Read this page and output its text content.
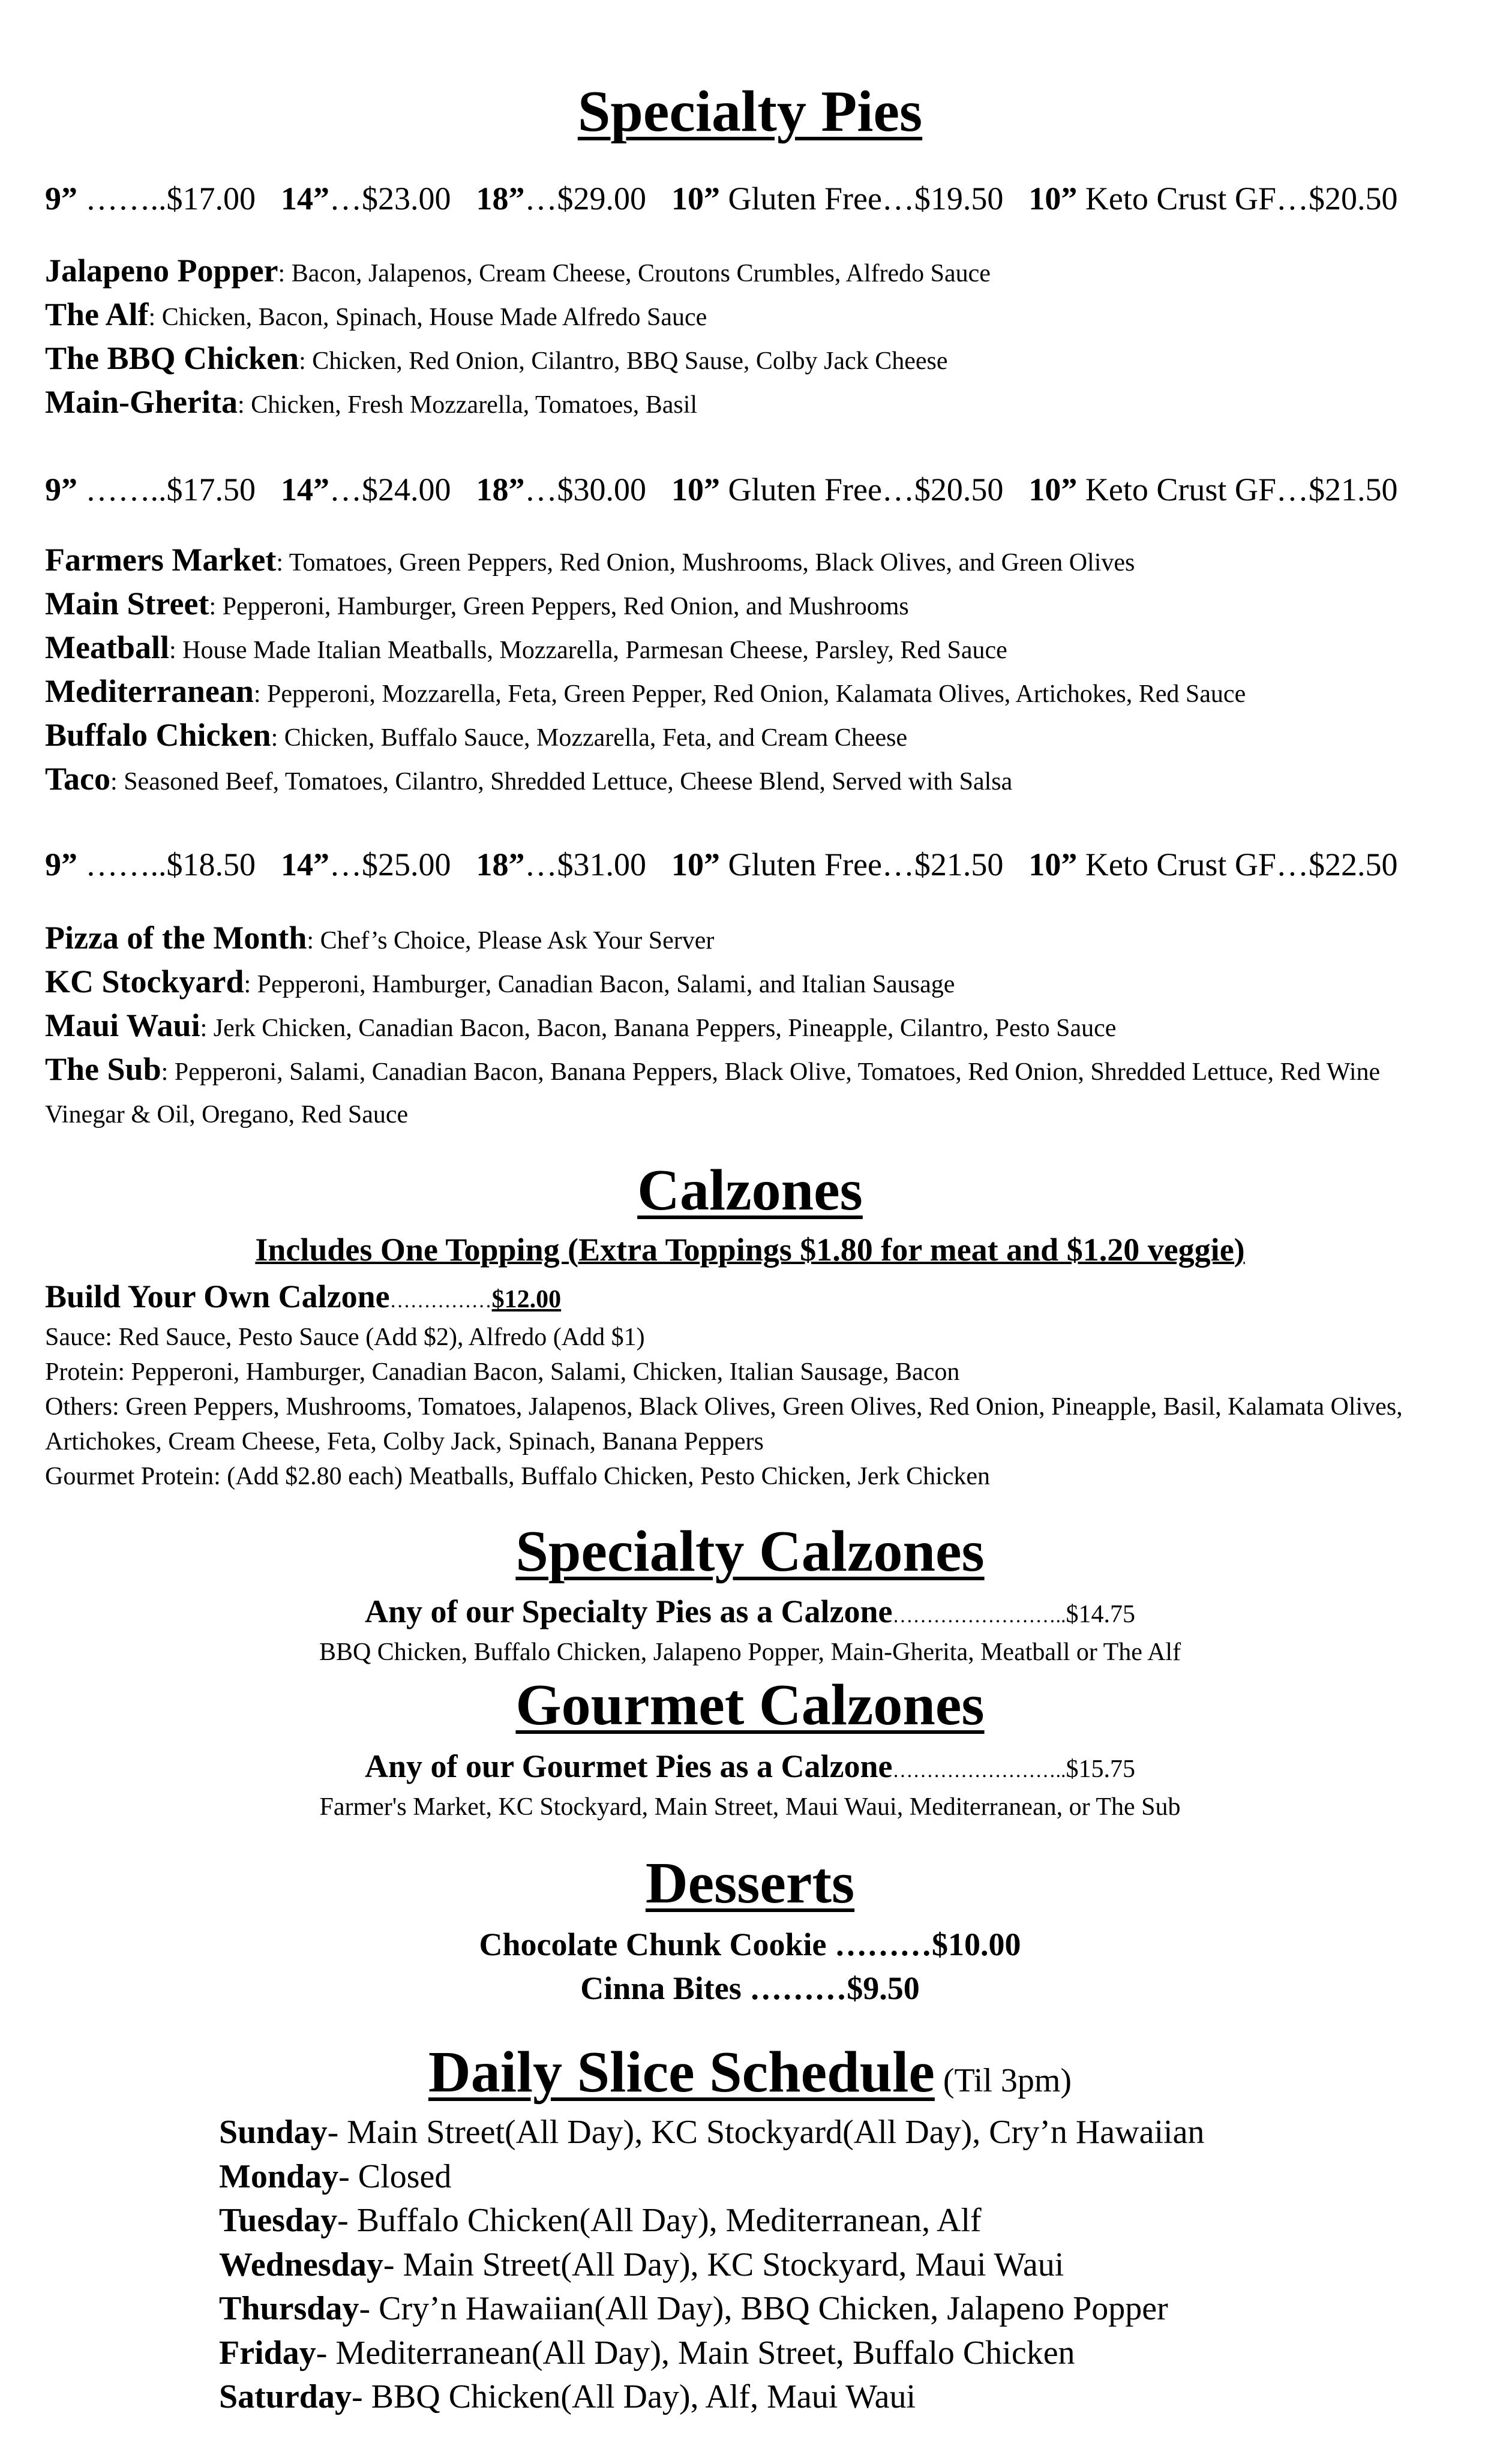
Specialty Pies
9” ……..$17.00 14”…$23.00 18”…$29.00 10” Gluten Free…$19.50 10” Keto Crust GF…$20.50
Jalapeno Popper: Bacon, Jalapenos, Cream Cheese, Croutons Crumbles, Alfredo Sauce
The Alf: Chicken, Bacon, Spinach, House Made Alfredo Sauce
The BBQ Chicken: Chicken, Red Onion, Cilantro, BBQ Sause, Colby Jack Cheese
Main-Gherita: Chicken, Fresh Mozzarella, Tomatoes, Basil
9” ……..$17.50 14”…$24.00 18”…$30.00 10” Gluten Free…$20.50 10” Keto Crust GF…$21.50
Farmers Market: Tomatoes, Green Peppers, Red Onion, Mushrooms, Black Olives, and Green Olives
Main Street: Pepperoni, Hamburger, Green Peppers, Red Onion, and Mushrooms
Meatball: House Made Italian Meatballs, Mozzarella, Parmesan Cheese, Parsley, Red Sauce
Mediterranean: Pepperoni, Mozzarella, Feta, Green Pepper, Red Onion, Kalamata Olives, Artichokes, Red Sauce
Buffalo Chicken: Chicken, Buffalo Sauce, Mozzarella, Feta, and Cream Cheese
Taco: Seasoned Beef, Tomatoes, Cilantro, Shredded Lettuce, Cheese Blend, Served with Salsa
9” ……..$18.50 14”…$25.00 18”…$31.00 10” Gluten Free…$21.50 10” Keto Crust GF…$22.50
Pizza of the Month: Chef’s Choice, Please Ask Your Server
KC Stockyard: Pepperoni, Hamburger, Canadian Bacon, Salami, and Italian Sausage
Maui Waui: Jerk Chicken, Canadian Bacon, Bacon, Banana Peppers, Pineapple, Cilantro, Pesto Sauce
The Sub: Pepperoni, Salami, Canadian Bacon, Banana Peppers, Black Olive, Tomatoes, Red Onion, Shredded Lettuce, Red Wine Vinegar & Oil, Oregano, Red Sauce
Calzones
Includes One Topping (Extra Toppings $1.80 for meat and $1.20 veggie)
Build Your Own Calzone……………$12.00
Sauce: Red Sauce, Pesto Sauce (Add $2), Alfredo (Add $1)
Protein: Pepperoni, Hamburger, Canadian Bacon, Salami, Chicken, Italian Sausage, Bacon
Others: Green Peppers, Mushrooms, Tomatoes, Jalapenos, Black Olives, Green Olives, Red Onion, Pineapple, Basil, Kalamata Olives, Artichokes, Cream Cheese, Feta, Colby Jack, Spinach, Banana Peppers
Gourmet Protein: (Add $2.80 each) Meatballs, Buffalo Chicken, Pesto Chicken, Jerk Chicken
Specialty Calzones
Any of our Specialty Pies as a Calzone……………………..$14.75
BBQ Chicken, Buffalo Chicken, Jalapeno Popper, Main-Gherita, Meatball or The Alf
Gourmet Calzones
Any of our Gourmet Pies as a Calzone……………………..$15.75
Farmer's Market, KC Stockyard, Main Street, Maui Waui, Mediterranean, or The Sub
Desserts
Chocolate Chunk Cookie ………$10.00
Cinna Bites ………$9.50
Daily Slice Schedule (Til 3pm)
Sunday- Main Street(All Day), KC Stockyard(All Day), Cry’n Hawaiian
Monday- Closed
Tuesday- Buffalo Chicken(All Day), Mediterranean, Alf
Wednesday- Main Street(All Day), KC Stockyard, Maui Waui
Thursday- Cry’n Hawaiian(All Day), BBQ Chicken, Jalapeno Popper
Friday- Mediterranean(All Day), Main Street, Buffalo Chicken
Saturday- BBQ Chicken(All Day), Alf, Maui Waui
